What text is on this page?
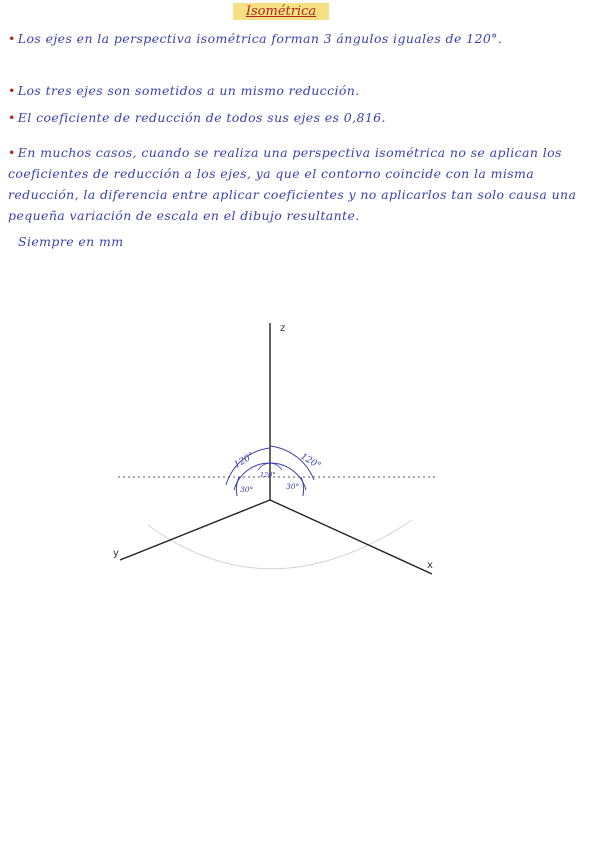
Isométrica

• Los ejes en la perspectiva isométrica forman 3 ángulos iguales de 120°.

• Los tres ejes son sometidos a un mismo reducción.

• El coeficiente de reducción de todos sus ejes es 0,816.

• En muchos casos, cuando se realiza una perspectiva isométrica no se aplican los coeficientes de reducción a los ejes, ya que el contorno coincide con la misma reducción, la diferencia entre aplicar coeficientes y no aplicarlos tan solo causa una pequeña variación de escala en el dibujo resultante.

Siempre en mm

z
x
y
120°	120°
30°	30°
120°
